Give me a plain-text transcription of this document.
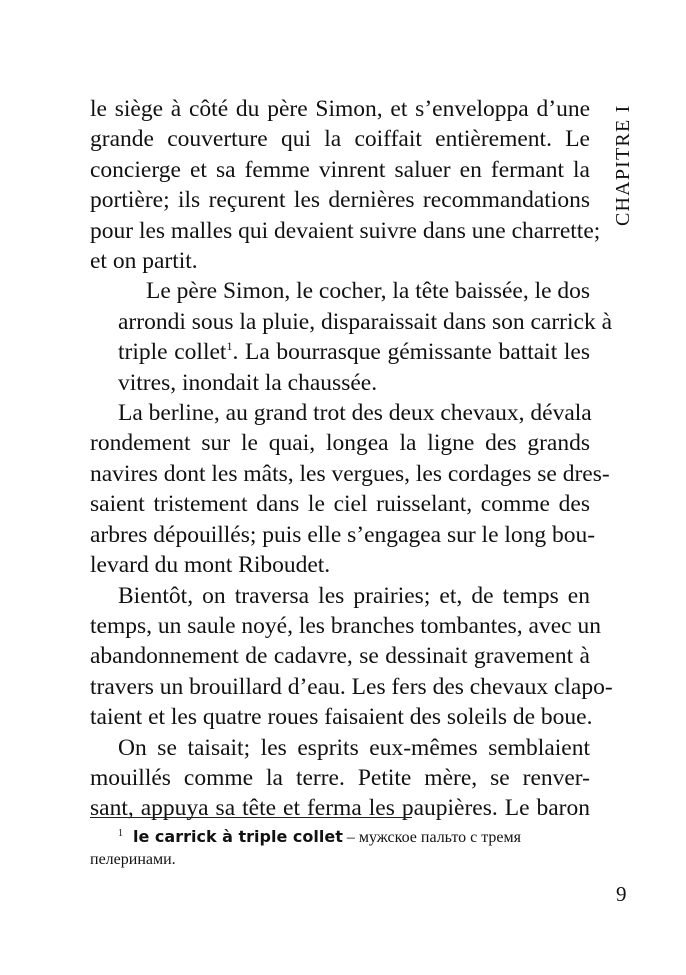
CHAPITRE I

le siège à côté du père Simon, et s’enveloppa d’une
grande couverture qui la coiffait entièrement. Le
concierge et sa femme vinrent saluer en fermant la
portière; ils reçurent les dernières recommandations
pour les malles qui devaient suivre dans une charrette;
et on partit.

Le père Simon, le cocher, la tête baissée, le dos
arrondi sous la pluie, disparaissait dans son carrick à
triple collet$^1$. La bourrasque gémissante battait les
vitres, inondait la chaussée.

La berline, au grand trot des deux chevaux, dévala
rondement sur le quai, longea la ligne des grands
navires dont les mâts, les vergues, les cordages se dres-
saient tristement dans le ciel ruisselant, comme des
arbres dépouillés; puis elle s’engagea sur le long bou-
levard du mont Riboudet.

Bientôt, on traversa les prairies; et, de temps en
temps, un saule noyé, les branches tombantes, avec un
abandonnement de cadavre, se dessinait gravement à
travers un brouillard d’eau. Les fers des chevaux clapo-
taient et les quatre roues faisaient des soleils de boue.

On se taisait; les esprits eux-mêmes semblaient
mouillés comme la terre. Petite mère, se renver-
sant, appuya sa tête et ferma les paupières. Le baron

$^1$ le carrick à triple collet – мужское пальто с тремя
пелеринами.
9
